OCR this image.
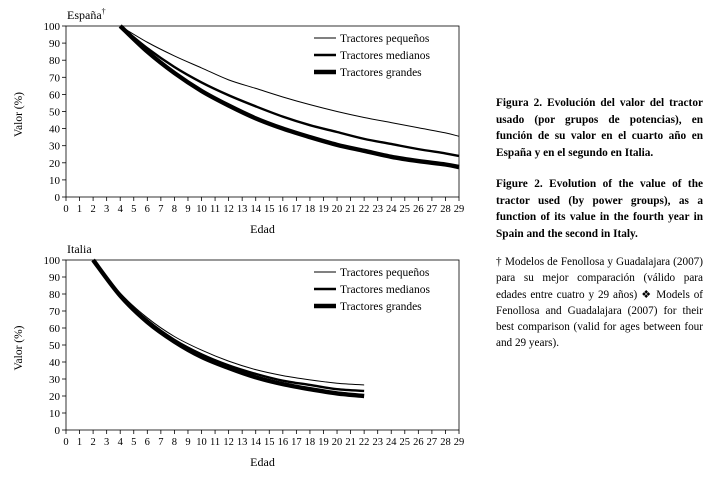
0
10
20
30
40
50
60
70
80
90
100
0 1 2 3 4 5 6 7 8 9 10 11 12 13 14 15 16 17 18 19 20 21 22 23 24 25 26 27 28 29
Edad
Valor (%)
España†
Tractores pequeños
Tractores medianos
Tractores grandes
0
10
20
30
40
50
60
70
80
90
100
0 1 2 3 4 5 6 7 8 9 10 11 12 13 14 15 16 17 18 19 20 21 22 23 24 25 26 27 28 29
Edad
Valor (%)
Italia
Tractores pequeños
Tractores medianos
Tractores grandes
Figura 2. Evolución del valor del tractor usado (por grupos de potencias), en función de su valor en el cuarto año en España y en el segundo en Italia.
Figure 2. Evolution of the value of the tractor used (by power groups), as a function of its value in the fourth year in Spain and the second in Italy.

† Modelos de Fenollosa y Guadalajara (2007) para su mejor comparación (válido para edades entre cuatro y 29 años) ❖ Models of Fenollosa and Guadalajara (2007) for their best comparison (valid for ages between four and 29 years).
